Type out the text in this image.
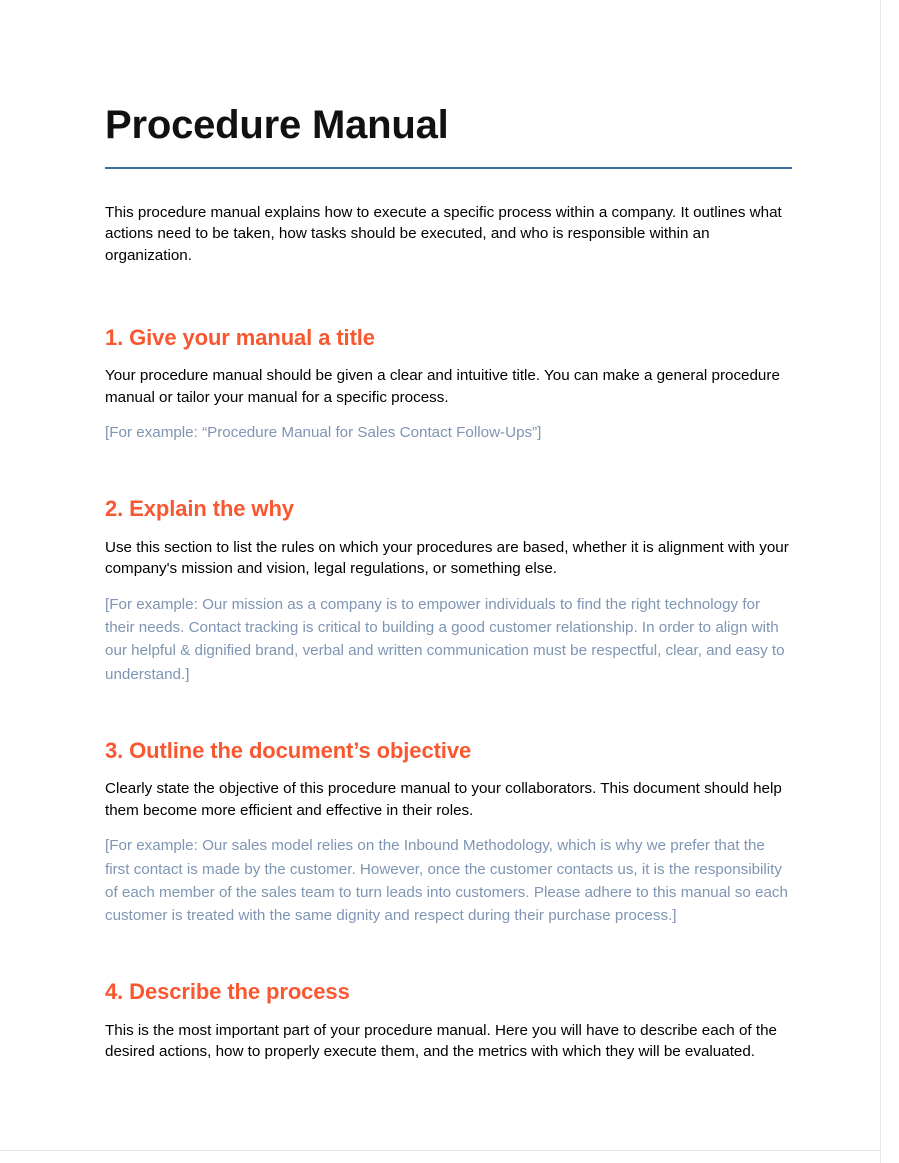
Procedure Manual

This procedure manual explains how to execute a specific process within a company. It outlines what actions need to be taken, how tasks should be executed, and who is responsible within an organization.

1. Give your manual a title

Your procedure manual should be given a clear and intuitive title. You can make a general procedure manual or tailor your manual for a specific process.

[For example: “Procedure Manual for Sales Contact Follow-Ups”]

2. Explain the why

Use this section to list the rules on which your procedures are based, whether it is alignment with your company's mission and vision, legal regulations, or something else.

[For example: Our mission as a company is to empower individuals to find the right technology for their needs. Contact tracking is critical to building a good customer relationship. In order to align with our helpful & dignified brand, verbal and written communication must be respectful, clear, and easy to understand.]

3. Outline the document’s objective

Clearly state the objective of this procedure manual to your collaborators. This document should help them become more efficient and effective in their roles.

[For example: Our sales model relies on the Inbound Methodology, which is why we prefer that the first contact is made by the customer. However, once the customer contacts us, it is the responsibility of each member of the sales team to turn leads into customers. Please adhere to this manual so each customer is treated with the same dignity and respect during their purchase process.]

4. Describe the process

This is the most important part of your procedure manual. Here you will have to describe each of the desired actions, how to properly execute them, and the metrics with which they will be evaluated.
